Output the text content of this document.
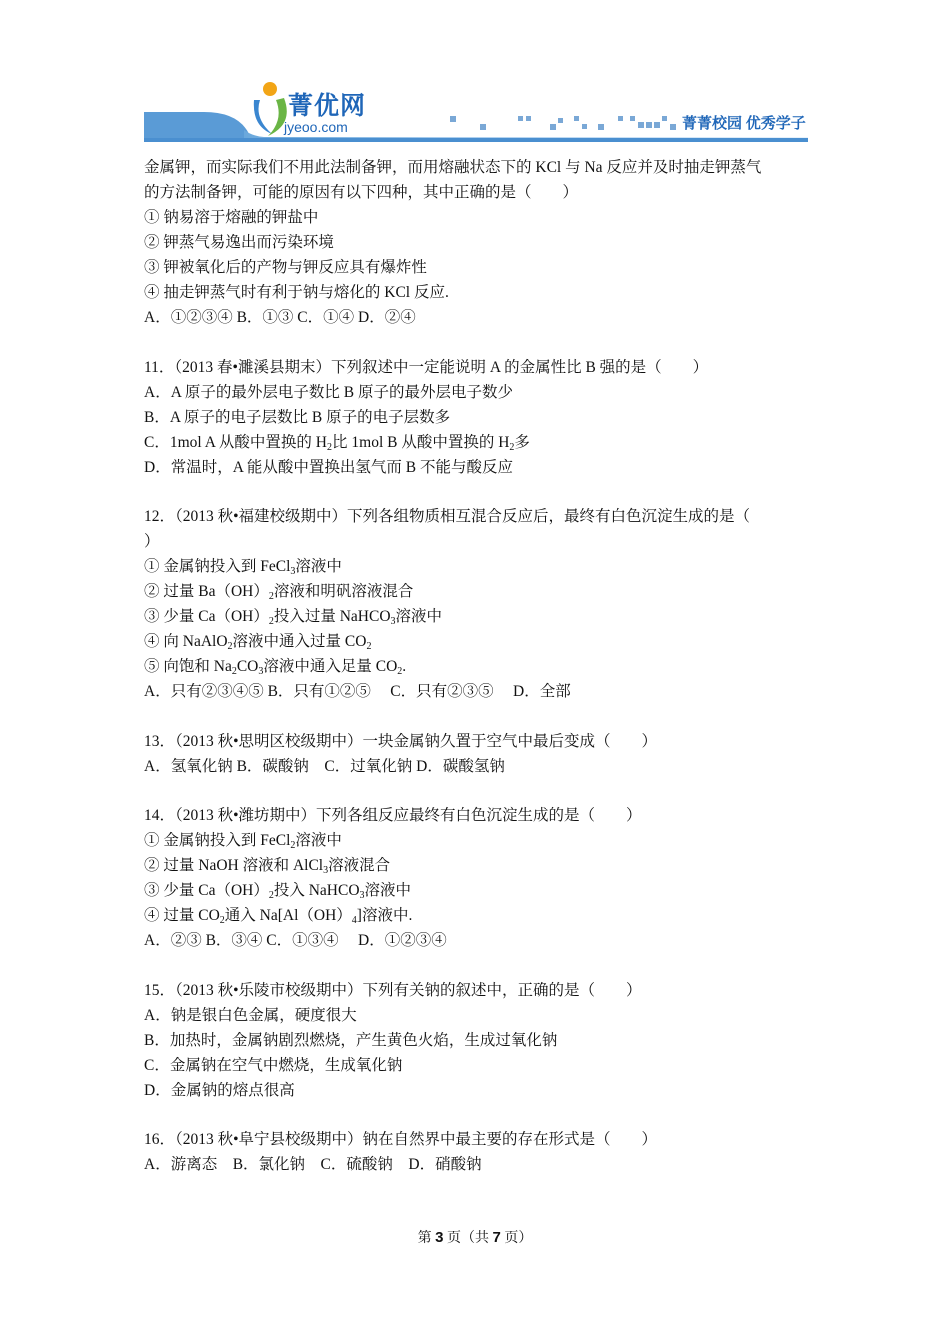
菁优网
jyeoo.com	菁菁校园 优秀学子
金属钾，而实际我们不用此法制备钾，而用熔融状态下的 KCl 与 Na 反应并及时抽走钾蒸气
的方法制备钾，可能的原因有以下四种，其中正确的是（　　）
① 钠易溶于熔融的钾盐中
② 钾蒸气易逸出而污染环境
③ 钾被氧化后的产物与钾反应具有爆炸性
④ 抽走钾蒸气时有利于钠与熔化的 KCl 反应.
A．①②③④ B．①③ C．①④ D．②④
11．（2013 春•濉溪县期末）下列叙述中一定能说明 A 的金属性比 B 强的是（　　）
A．A 原子的最外层电子数比 B 原子的最外层电子数少
B．A 原子的电子层数比 B 原子的电子层数多
C．1mol A 从酸中置换的 $H_2$比 1mol B 从酸中置换的 $H_2$多
D．常温时，A 能从酸中置换出氢气而 B 不能与酸反应
12．（2013 秋•福建校级期中）下列各组物质相互混合反应后，最终有白色沉淀生成的是（
）
① 金属钠投入到 FeCl$_3$溶液中
② 过量 $Ba(OH)_2$溶液和明矾溶液混合
③ 少量 $Ca(OH)_2$投入过量 NaHCO$_3$溶液中
④ 向 NaAlO$_2$溶液中通入过量 $CO_2$
⑤ 向饱和 $Na_2CO_3$溶液中通入足量 $CO_2$.
A．只有②③④⑤ B．只有①②⑤　 C．只有②③⑤　 D．全部
13．（2013 秋•思明区校级期中）一块金属钠久置于空气中最后变成（　　）
A．氢氧化钠 B．碳酸钠　C．过氧化钠 D．碳酸氢钠
14．（2013 秋•潍坊期中）下列各组反应最终有白色沉淀生成的是（　　）
① 金属钠投入到 FeCl$_2$溶液中
② 过量 NaOH 溶液和 AlCl$_3$溶液混合
③ 少量 $Ca(OH)_2$投入 NaHCO$_3$溶液中
④ 过量 $CO_2$通入 $Na[Al(OH)_4]$溶液中.
A．②③ B．③④ C．①③④　 D．①②③④
15．（2013 秋•乐陵市校级期中）下列有关钠的叙述中，正确的是（　　）
A．钠是银白色金属，硬度很大
B．加热时，金属钠剧烈燃烧，产生黄色火焰，生成过氧化钠
C．金属钠在空气中燃烧，生成氧化钠
D．金属钠的熔点很高
16．（2013 秋•阜宁县校级期中）钠在自然界中最主要的存在形式是（　　）
A．游离态　B．氯化钠　C．硫酸钠　D．硝酸钠
第 3 页（共 7 页）
